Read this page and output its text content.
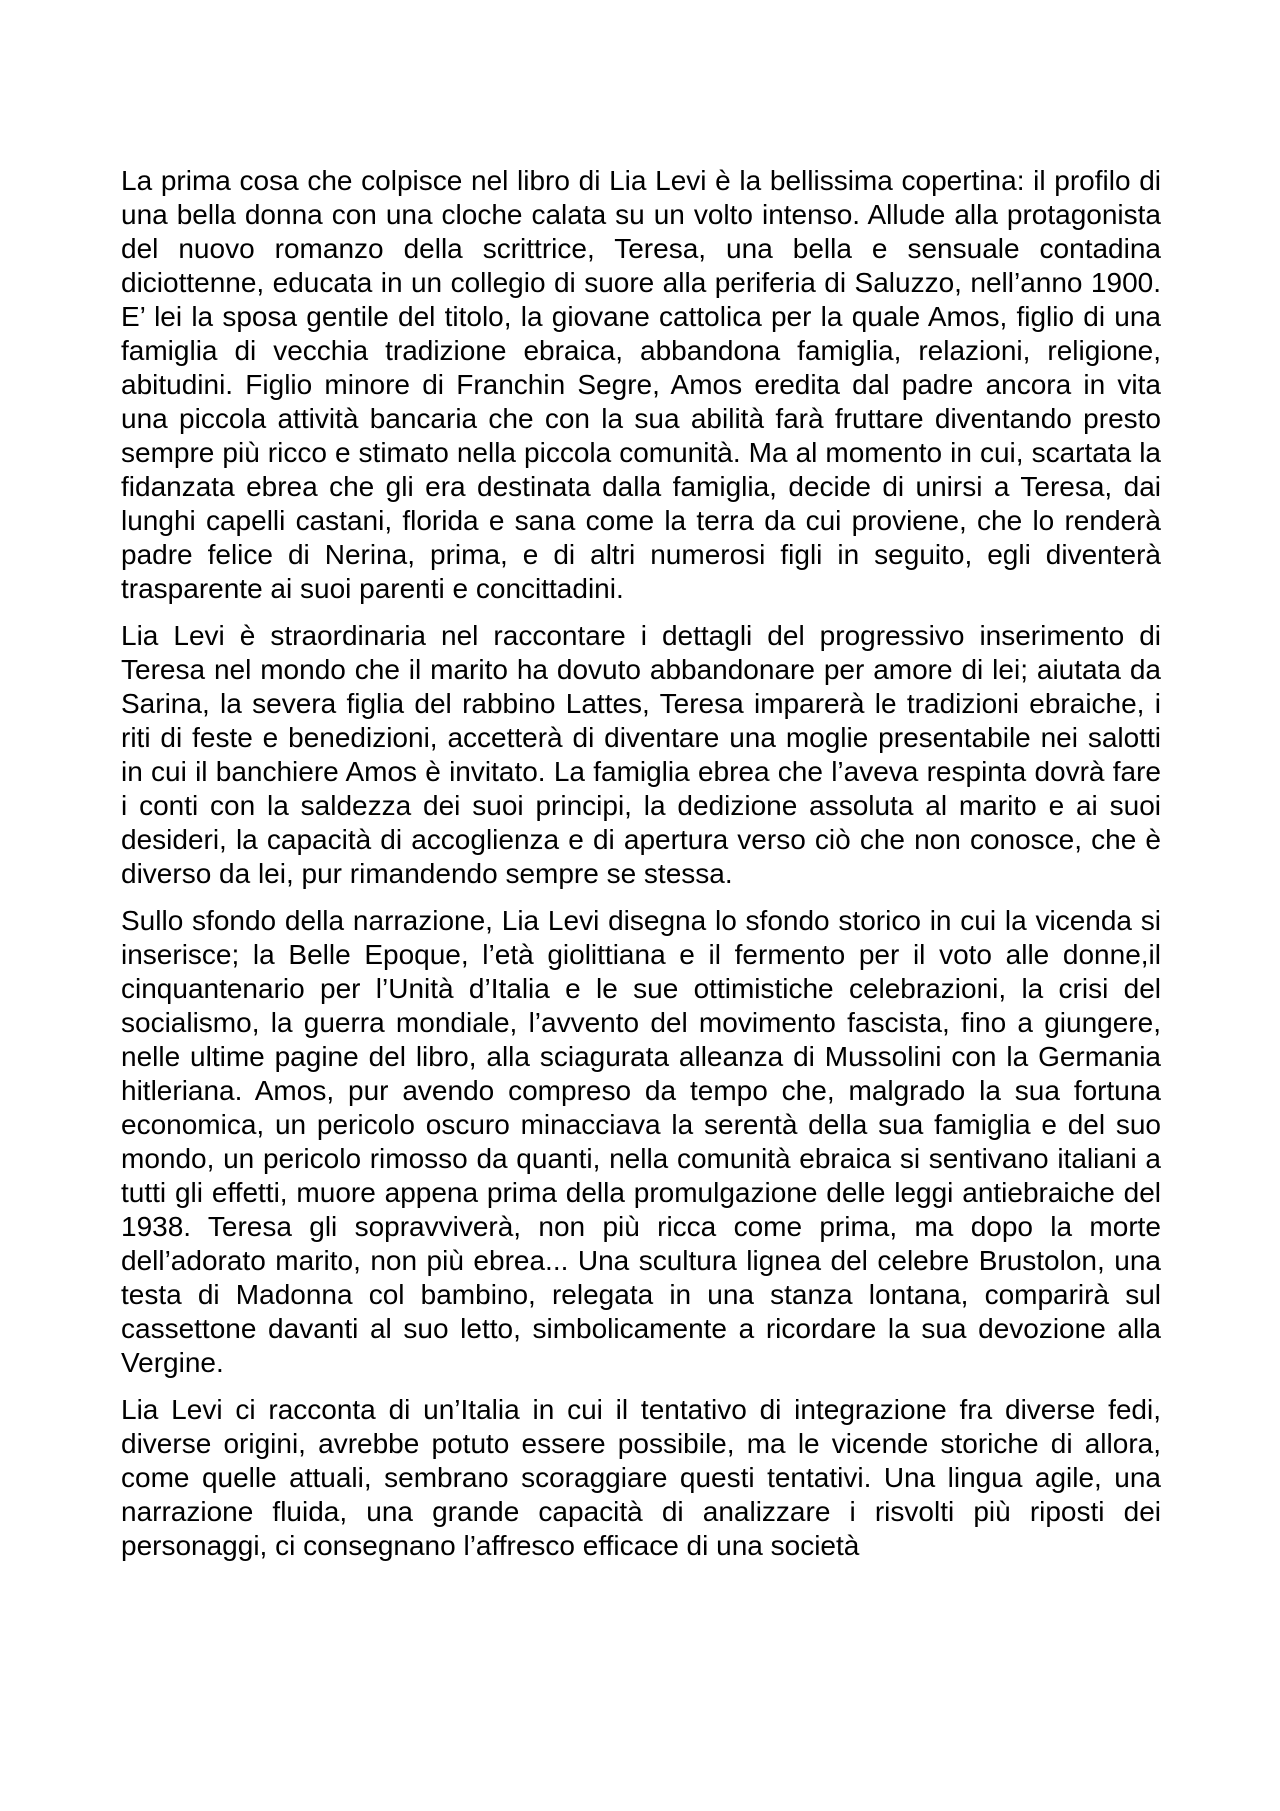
La prima cosa che colpisce nel libro di Lia Levi è la bellissima copertina: il profilo di una bella donna con una cloche calata su un volto intenso. Allude alla protagonista del nuovo romanzo della scrittrice, Teresa, una bella e sensuale contadina diciottenne, educata in un collegio di suore alla periferia di Saluzzo, nell’anno 1900. E’ lei la sposa gentile del titolo, la giovane cattolica per la quale Amos, figlio di una famiglia di vecchia tradizione ebraica, abbandona famiglia, relazioni, religione, abitudini. Figlio minore di Franchin Segre, Amos eredita dal padre ancora in vita una piccola attività bancaria che con la sua abilità farà fruttare diventando presto sempre più ricco e stimato nella piccola comunità. Ma al momento in cui, scartata la fidanzata ebrea che gli era destinata dalla famiglia, decide di unirsi a Teresa, dai lunghi capelli castani, florida e sana come la terra da cui proviene, che lo renderà padre felice di Nerina, prima, e di altri numerosi figli in seguito, egli diventerà trasparente ai suoi parenti e concittadini.

Lia Levi è straordinaria nel raccontare i dettagli del progressivo inserimento di Teresa nel mondo che il marito ha dovuto abbandonare per amore di lei; aiutata da Sarina, la severa figlia del rabbino Lattes, Teresa imparerà le tradizioni ebraiche, i riti di feste e benedizioni, accetterà di diventare una moglie presentabile nei salotti in cui il banchiere Amos è invitato. La famiglia ebrea che l’aveva respinta dovrà fare i conti con la saldezza dei suoi principi, la dedizione assoluta al marito e ai suoi desideri, la capacità di accoglienza e di apertura verso ciò che non conosce, che è diverso da lei, pur rimandendo sempre se stessa.

Sullo sfondo della narrazione, Lia Levi disegna lo sfondo storico in cui la vicenda si inserisce; la Belle Epoque, l’età giolittiana e il fermento per il voto alle donne,il cinquantenario per l’Unità d’Italia e le sue ottimistiche celebrazioni, la crisi del socialismo, la guerra mondiale, l’avvento del movimento fascista, fino a giungere, nelle ultime pagine del libro, alla sciagurata alleanza di Mussolini con la Germania hitleriana. Amos, pur avendo compreso da tempo che, malgrado la sua fortuna economica, un pericolo oscuro minacciava la serentà della sua famiglia e del suo mondo, un pericolo rimosso da quanti, nella comunità ebraica si sentivano italiani a tutti gli effetti, muore appena prima della promulgazione delle leggi antiebraiche del 1938. Teresa gli sopravviverà, non più ricca come prima, ma dopo la morte dell’adorato marito, non più ebrea... Una scultura lignea del celebre Brustolon, una testa di Madonna col bambino, relegata in una stanza lontana, comparirà sul cassettone davanti al suo letto, simbolicamente a ricordare la sua devozione alla Vergine.

Lia Levi ci racconta di un’Italia in cui il tentativo di integrazione fra diverse fedi, diverse origini, avrebbe potuto essere possibile, ma le vicende storiche di allora, come quelle attuali, sembrano scoraggiare questi tentativi. Una lingua agile, una narrazione fluida, una grande capacità di analizzare i risvolti più riposti dei personaggi, ci consegnano l’affresco efficace di una società
